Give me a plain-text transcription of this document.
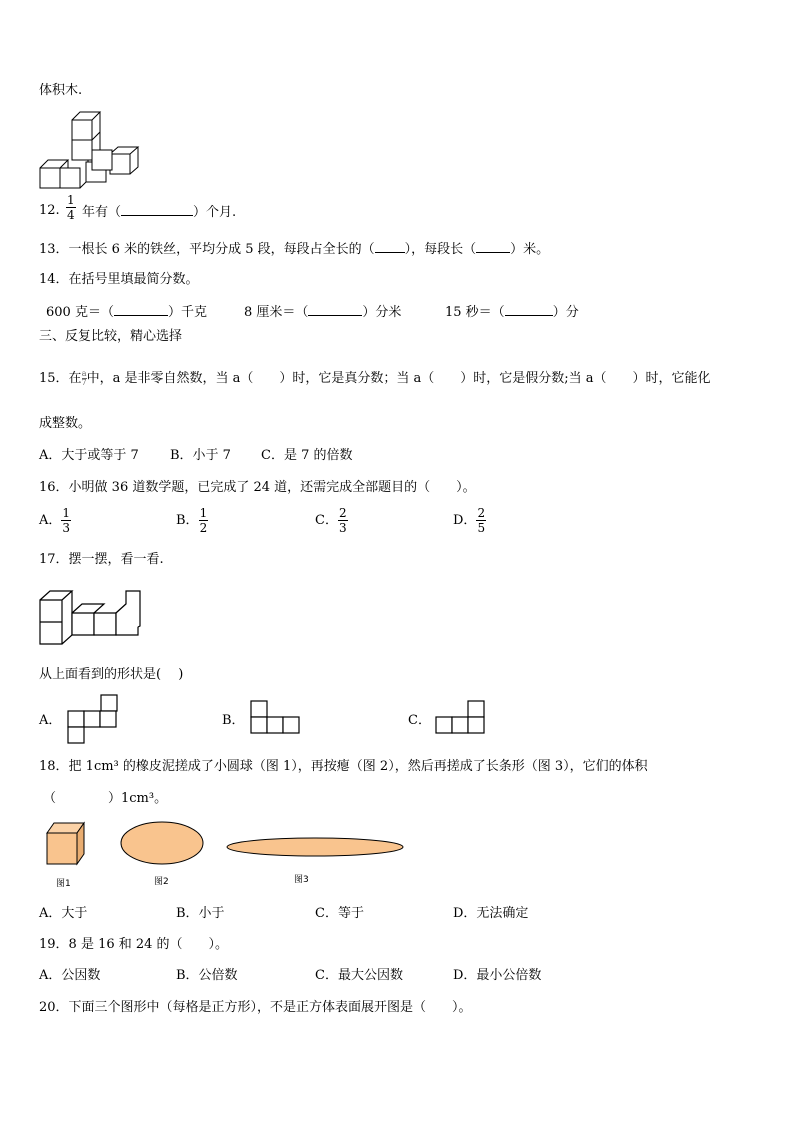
体积木.
12. $\frac{1}{4}$ 年有（	）个月.
13．一根长 6 米的铁丝，平均分成 5 段，每段占全长的（ ），每段长（	）米。
14．在括号里填最简分数。
600 克＝（	）千克	8 厘米＝（	）分米	15 秒＝（	）分
三、反复比较，精心选择
15．在 $\frac{a}{7}$ 中，a 是非零自然数，当 a（　　）时，它是真分数；当 a（　　）时，它是假分数;当 a（　　）时，它能化
成整数。
A．大于或等于 7 B．小于 7 C．是 7 的倍数
16．小明做 36 道数学题，已完成了 24 道，还需完成全部题目的（　　）。
A． $\frac{1}{3}$	B． $\frac{1}{2}$	C． $\frac{2}{3}$	D． $\frac{2}{5}$
17．摆一摆，看一看.
从上面看到的形状是(　 )
A．	B．	C．
18．把 1cm³ 的橡皮泥搓成了小圆球（图 1），再按瘪（图 2），然后再搓成了长条形（图 3），它们的体积
（　　　　）1cm³。
图1	图2	图3
A．大于	B．小于	C．等于	D．无法确定
19．8 是 16 和 24 的（　　）。
A．公因数	B．公倍数	C．最大公因数	D．最小公倍数
20．下面三个图形中（每格是正方形），不是正方体表面展开图是（　　）。
